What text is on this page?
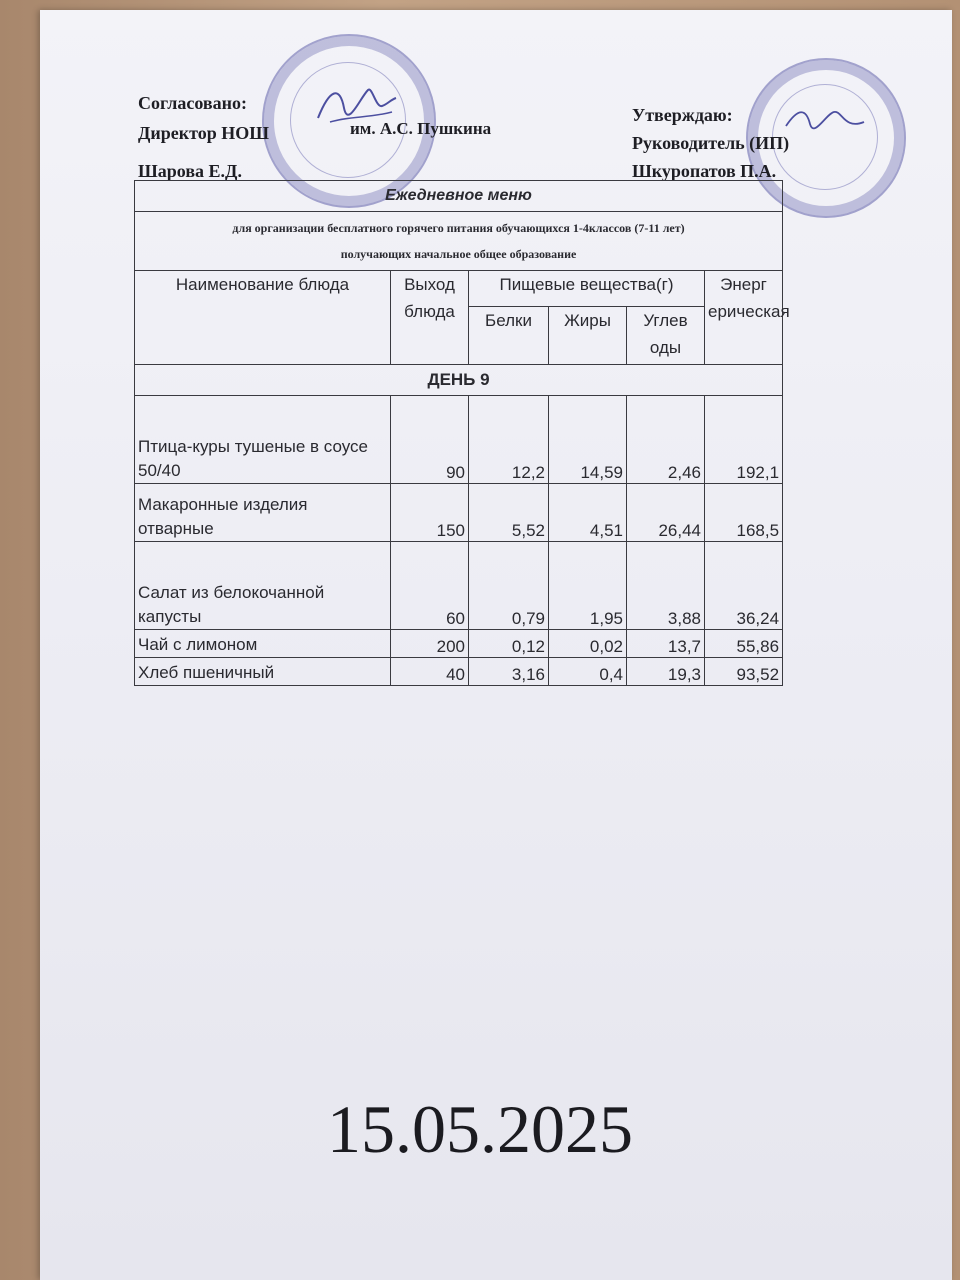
Согласовано:
Директор НОШ	им. А.С. Пушкина
Шарова Е.Д.
Утверждаю:
Руководитель (ИП)
Шкуропатов П.А.
Ежедневное меню					

для организации бесплатного горячего питания обучающихся 1-4классов (7-11 лет)
получающих начальное общее образование					

Наименование блюда	Выход блюда	Пищевые вещества(г)			Энерг ерическая
		Белки	Жиры	Углев оды	
ДЕНЬ 9					
Птица-куры тушеные в соусе 50/40	90	12,2	14,59	2,46	192,1
Макаронные изделия отварные	150	5,52	4,51	26,44	168,5
Салат из белокочанной капусты	60	0,79	1,95	3,88	36,24
Чай с лимоном	200	0,12	0,02	13,7	55,86
Хлеб пшеничный	40	3,16	0,4	19,3	93,52
15.05.2025
